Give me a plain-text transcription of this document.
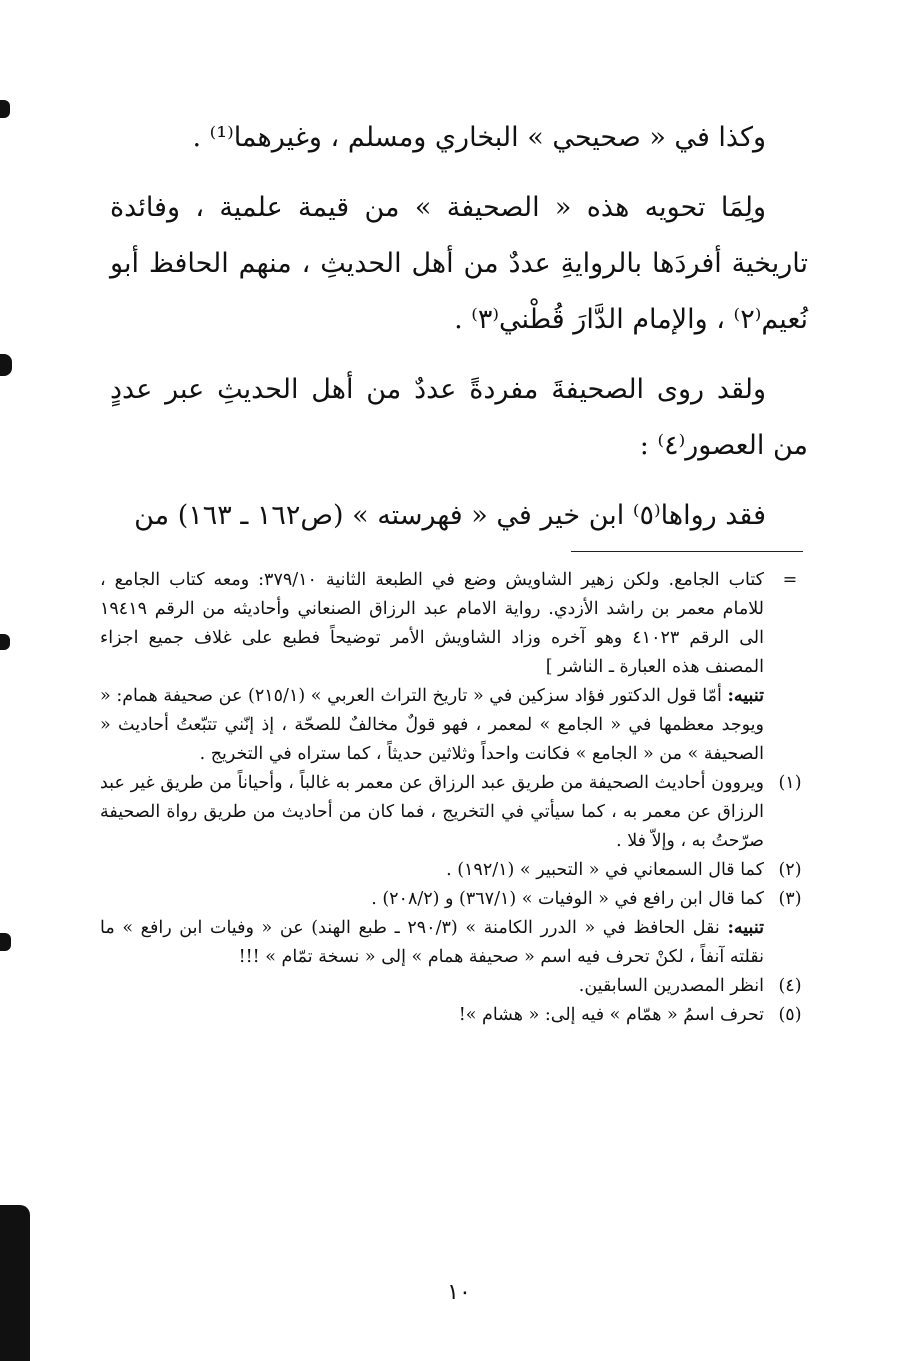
وكذا في « صحيحي » البخاري ومسلم ، وغيرهما⁽¹⁾ .

ولِمَا تحويه هذه « الصحيفة » من قيمة علمية ، وفائدة تاريخية أفردَها بالروايةِ عددٌ من أهل الحديثِ ، منهم الحافظ أبو نُعيم⁽٢⁾ ، والإمام الدَّارَ قُطْني⁽٣⁾ .

ولقد روى الصحيفةَ مفردةً عددٌ من أهل الحديثِ عبر عددٍ من العصور⁽٤⁾ :

فقد رواها⁽٥⁾ ابن خير في « فهرسته » (ص١٦٢ ـ ١٦٣) من

=
كتاب الجامع. ولكن زهير الشاويش وضع في الطبعة الثانية ٣٧٩/١٠: ومعه كتاب الجامع ، للامام معمر بن راشد الأزدي. رواية الامام عبد الرزاق الصنعاني وأحاديثه من الرقم ١٩٤١٩ الى الرقم ٤١٠٢٣ وهو آخره وزاد الشاويش الأمر توضيحاً فطبع على غلاف جميع اجزاء المصنف هذه العبارة ـ الناشر ]

تنبيه: أمّا قول الدكتور فؤاد سزكين في « تاريخ التراث العربي » (٢١٥/١) عن صحيفة همام: « ويوجد معظمها في « الجامع » لمعمر ، فهو قولٌ مخالفٌ للصحّة ، إذ إنّني تتبّعتُ أحاديث « الصحيفة » من « الجامع » فكانت واحداً وثلاثين حديثاً ، كما ستراه في التخريج .

(١)
ويروون أحاديث الصحيفة من طريق عبد الرزاق عن معمر به غالباً ، وأحياناً من طريق غير عبد الرزاق عن معمر به ، كما سيأتي في التخريج ، فما كان من أحاديث من طريق رواة الصحيفة صرّحتُ به ، وإلاّ فلا .

(٢)
كما قال السمعاني في « التحبير » (١٩٢/١) .

(٣)
كما قال ابن رافع في « الوفيات » (٣٦٧/١) و (٢٠٨/٢) .

تنبيه: نقل الحافظ في « الدرر الكامنة » (٢٩٠/٣ ـ طبع الهند) عن « وفيات ابن رافع » ما نقلته آنفاً ، لكنْ تحرف فيه اسم « صحيفة همام » إلى « نسخة تمّام » !!!

(٤)
انظر المصدرين السابقين.

(٥)
تحرف اسمُ « همّام » فيه إلى: « هشام »!

١٠
